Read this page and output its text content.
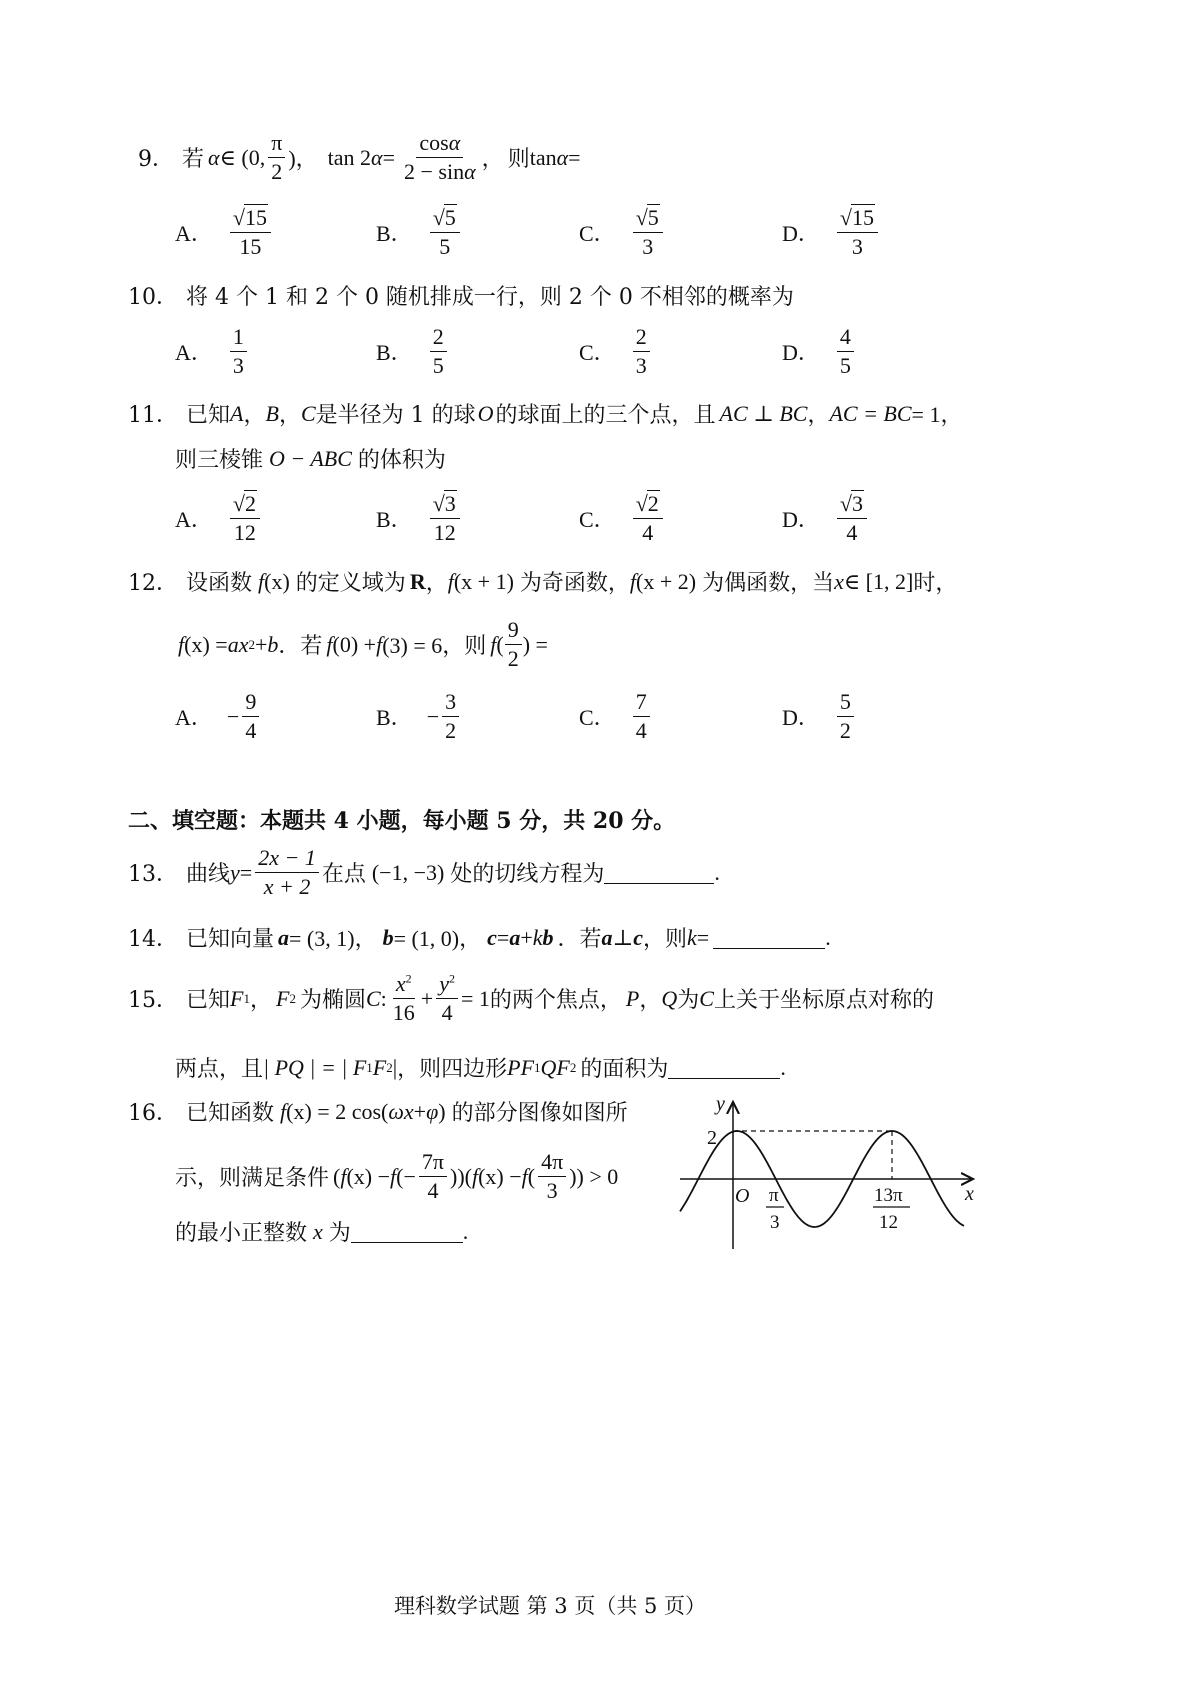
9． 若 α ∈ (0, $\frac{\pi}{2}$ )， tan 2 $\alpha = \frac{\cos\alpha}{2 - \sin\alpha}$ ， 则 tan α =
A． $\frac{√15}{15}$	B． $\frac{√5}{5}$	C． $\frac{√5}{3}$	D． $\frac{√15}{3}$
10． 将 4 个 1 和 2 个 0 随机排成一行，则 2 个 0 不相邻的概率为
A． $\frac{1}{3}$	B． $\frac{2}{5}$	C． $\frac{2}{3}$	D． $\frac{4}{5}$
11． 已知 A ， B ， C 是半径为 1 的球 O 的球面上的三个点，且 AC ⊥ BC ， AC = BC = 1，
则三棱锥 O − ABC 的体积为
A． $\frac{√2}{12}$	B． $\frac{√3}{12}$	C． $\frac{√2}{4}$	D． $\frac{√3}{4}$
12． 设函数 f (x) 的定义域为 R ， f (x + 1) 为奇函数， f (x + 2) 为偶函数，当 x ∈ [1, 2] 时，
f (x) = ax 2 + b ．若 f (0) + f (3) = 6，则 f ( $\frac{9}{2}$ ) =
A． − $\frac{9}{4}$	B． − $\frac{3}{2}$	C． $\frac{7}{4}$	D． $\frac{5}{2}$
二、填空题：本题共 4 小题，每小题 5 分，共 20 分。
13． 曲线 $y = \frac{2x - 1}{x + 2}$ 在点 (−1, −3) 处的切线方程为	.
14． 已知向量 a = (3, 1)， b = (1, 0)， c = a + k b ．若 a ⊥ c ，则 k =	.
15． 已知 F 1 ， F 2 为椭圆 C : $\frac{x^2}{16} + \frac{y^2}{4} = 1$ 的两个焦点， P ， Q 为 C 上关于坐标原点对称的
两点，且 | PQ | = | F 1 F 2 | ，则四边形 PF 1 QF 2 的面积为	.
16． 已知函数 f (x) = 2 cos( ω x + φ ) 的部分图像如图所
示，则满足条件 ( f (x) − f (− $\frac{7\pi}{4}$ ))( f (x) − f ( $\frac{4\pi}{3}$ )) > 0
的最小正整数 x 为	.
y
x
O
2
π
3
13π
12
理科数学试题 第 3 页（共 5 页）
